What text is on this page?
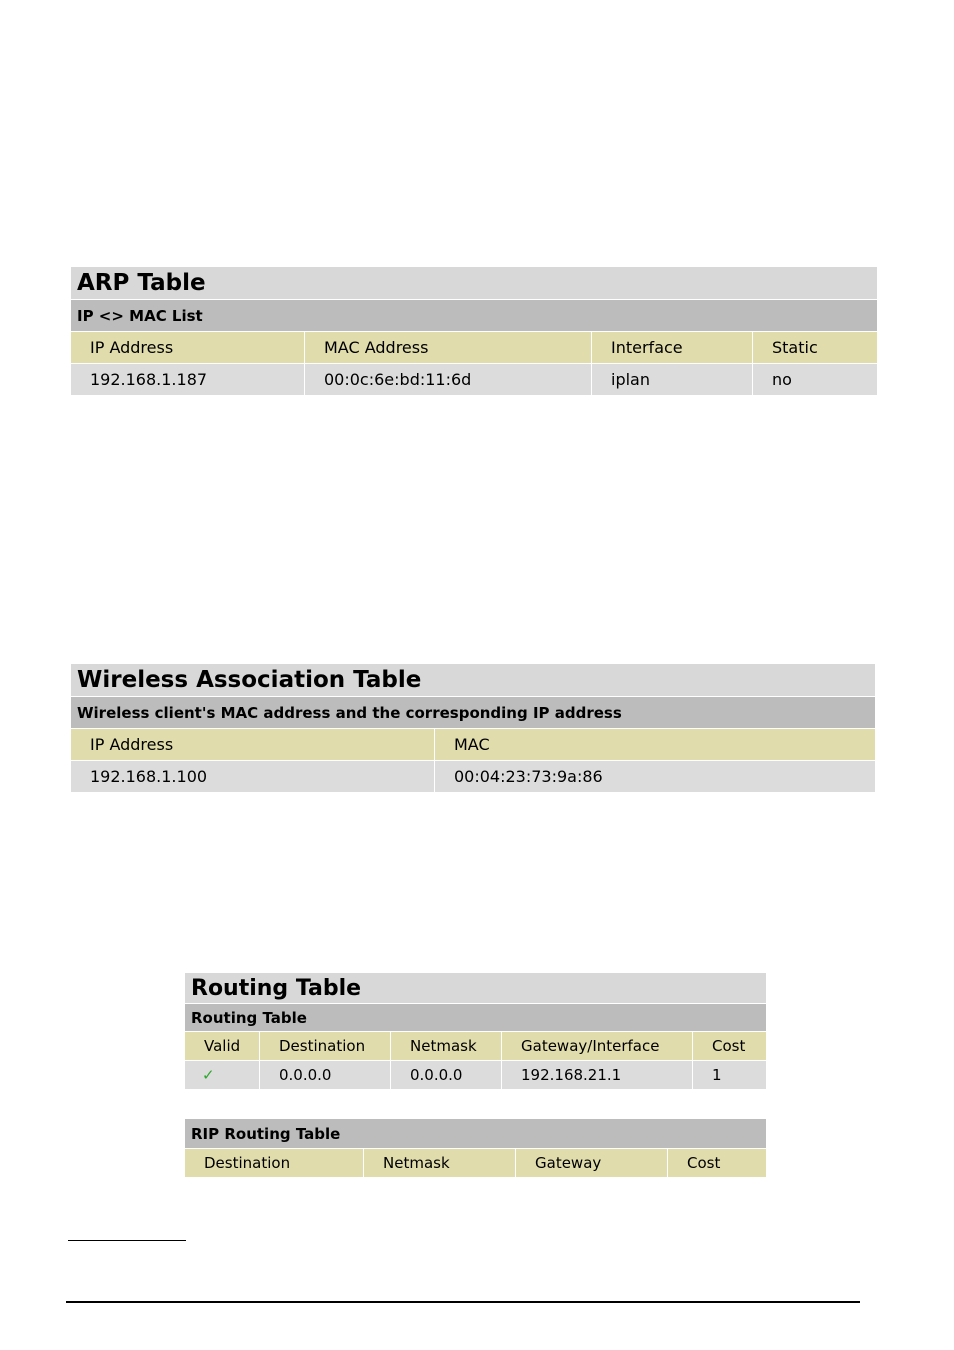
ARP Table			
IP <> MAC List			
IP Address	MAC Address	Interface	Static
192.168.1.187	00:0c:6e:bd:11:6d	iplan	no
Wireless Association Table	
Wireless client's MAC address and the corresponding IP address	
IP Address	MAC
192.168.1.100	00:04:23:73:9a:86
Routing Table				
Routing Table				
Valid	Destination	Netmask	Gateway/Interface	Cost
✓	0.0.0.0	0.0.0.0	192.168.21.1	1
RIP Routing Table
Destination	Netmask	Gateway	Cost
